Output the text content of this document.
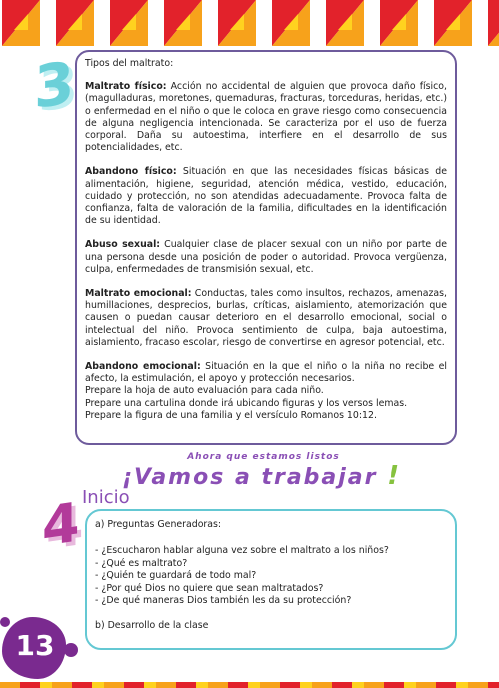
3 Tipos del maltrato:

Maltrato físico: Acción no accidental de alguien que provoca daño físico, (magulladuras, moretones, quemaduras, fracturas, torceduras, heridas, etc.) o enfermedad en el niño o que le coloca en grave riesgo como consecuencia de alguna negligencia intencionada. Se caracteriza por el uso de fuerza corporal. Daña su autoestima, interfiere en el desarrollo de sus potencialidades, etc.

Abandono físico: Situación en que las necesidades físicas básicas de alimentación, higiene, seguridad, atención médica, vestido, educación, cuidado y protección, no son atendidas adecuadamente. Provoca falta de confianza, falta de valoración de la familia, dificultades en la identificación de su identidad.

Abuso sexual: Cualquier clase de placer sexual con un niño por parte de una persona desde una posición de poder o autoridad. Provoca vergüenza, culpa, enfermedades de transmisión sexual, etc.

Maltrato emocional: Conductas, tales como insultos, rechazos, amenazas, humillaciones, desprecios, burlas, críticas, aislamiento, atemorización que causen o puedan causar deterioro en el desarrollo emocional, social o intelectual del niño. Provoca sentimiento de culpa, baja autoestima, aislamiento, fracaso escolar, riesgo de convertirse en agresor potencial, etc.

Abandono emocional: Situación en la que el niño o la niña no recibe el afecto, la estimulación, el apoyo y protección necesarios.

Prepare la hoja de auto evaluación para cada niño.
Prepare una cartulina donde irá ubicando figuras y los versos lemas.
Prepare la figura de una familia y el versículo Romanos 10:12.
Ahora que estamos listos
¡Vamos a trabajar !
Inicio
4 a) Preguntas Generadoras:
- ¿Escucharon hablar alguna vez sobre el maltrato a los niños?
- ¿Qué es maltrato?
- ¿Quién te guardará de todo mal?
- ¿Por qué Dios no quiere que sean maltratados?
- ¿De qué maneras Dios también les da su protección?
b) Desarrollo de la clase
13
